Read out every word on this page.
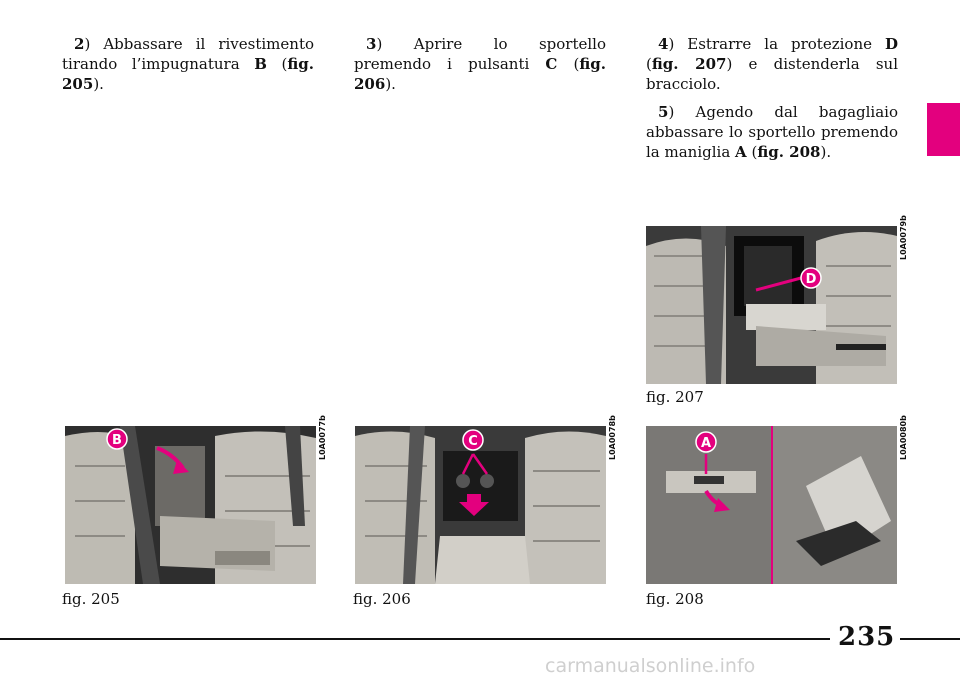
2) Abbassare il rivestimento tirando l’impugnatura B (fig. 205).

3) Aprire lo sportello premendo i pulsanti C (fig. 206).

4) Estrarre la protezione D (fig. 207) e distenderla sul bracciolo.

5) Agendo dal bagagliaio abbassare lo sportello premendo la maniglia A (fig. 208).

D
L0A0079b
fig. 207
B	L0A0077b
fig. 205
C	L0A0078b
fig. 206
A	L0A0080b
fig. 208
235
carmanualsonline.info
